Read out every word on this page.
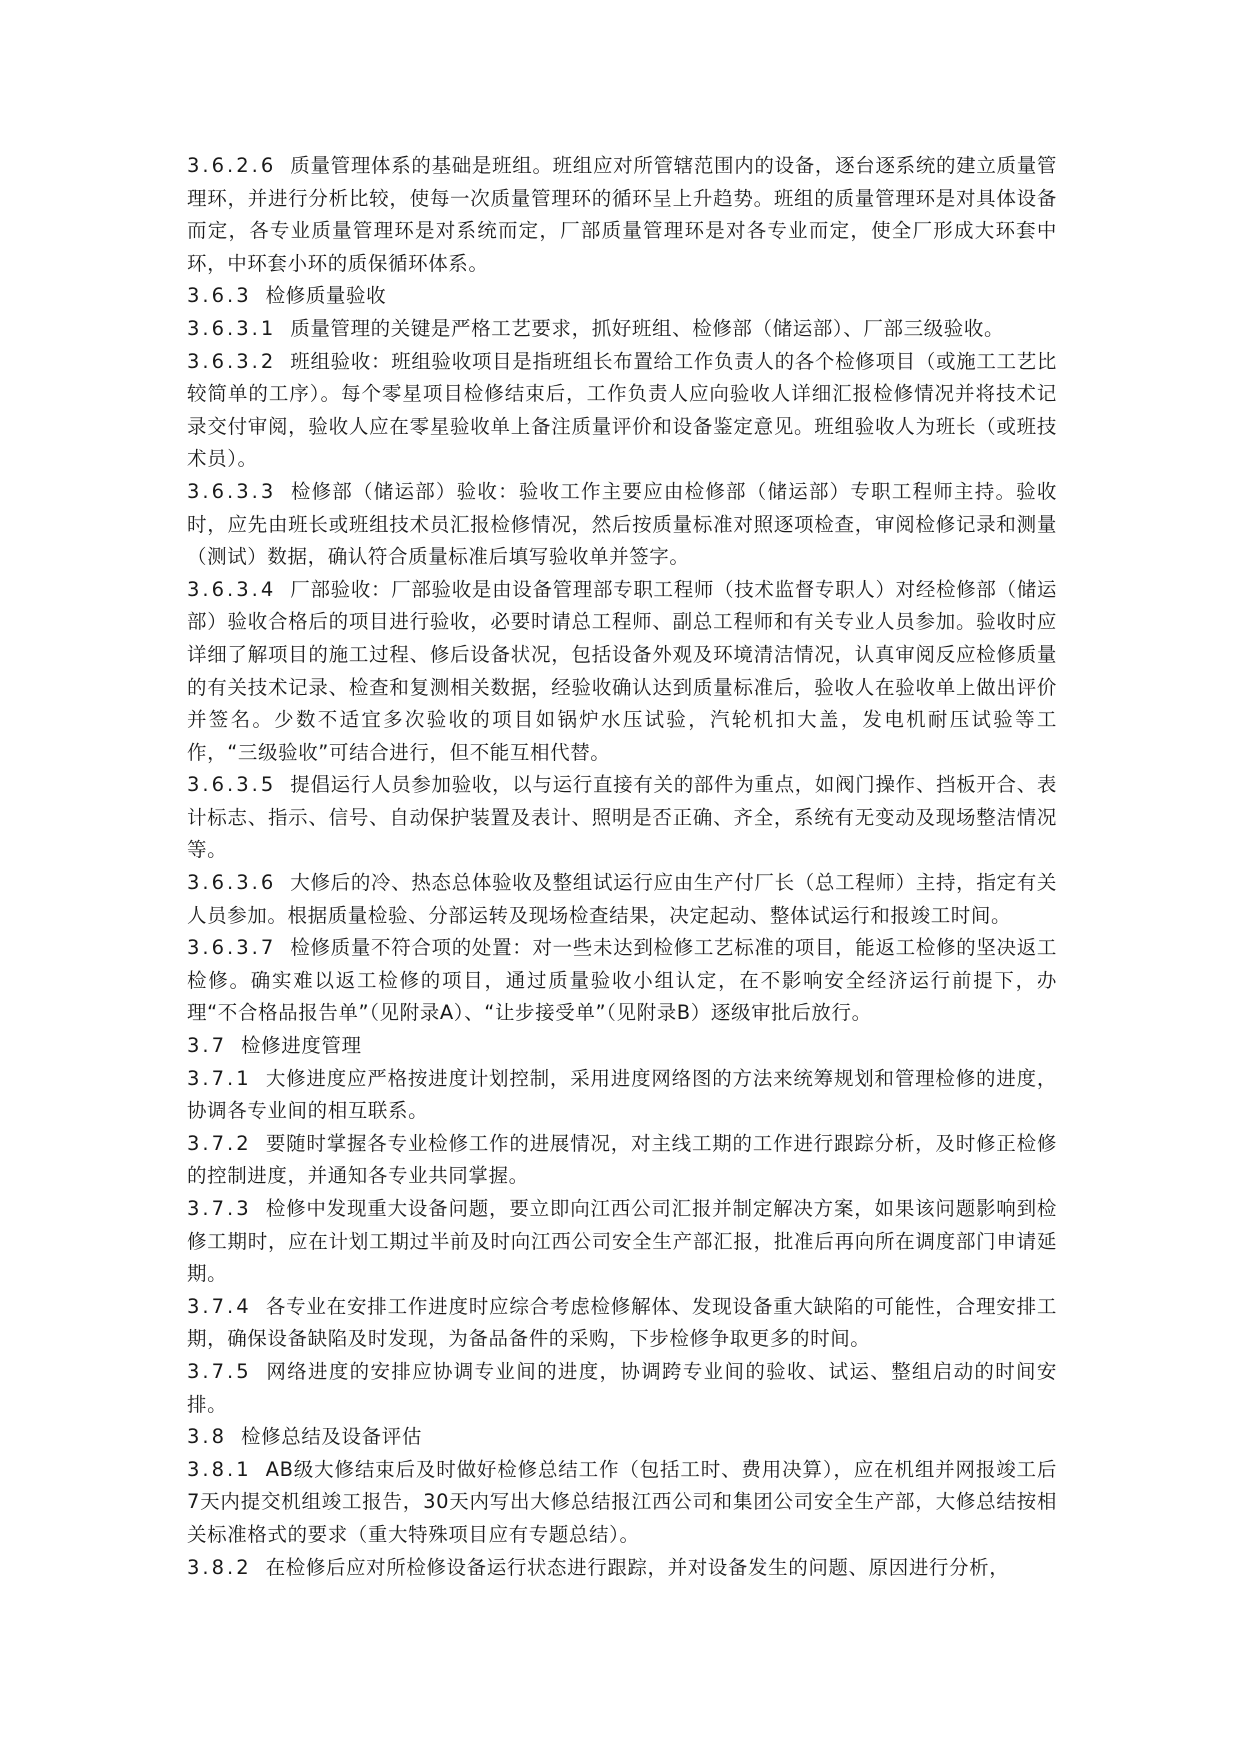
3.6.2.6 质量管理体系的基础是班组。班组应对所管辖范围内的设备，逐台逐系统的建立质量管理环，并进行分析比较，使每一次质量管理环的循环呈上升趋势。班组的质量管理环是对具体设备而定，各专业质量管理环是对系统而定，厂部质量管理环是对各专业而定，使全厂形成大环套中环，中环套小环的质保循环体系。

3.6.3 检修质量验收

3.6.3.1 质量管理的关键是严格工艺要求，抓好班组、检修部（储运部）、厂部三级验收。

3.6.3.2 班组验收：班组验收项目是指班组长布置给工作负责人的各个检修项目（或施工工艺比较简单的工序）。每个零星项目检修结束后，工作负责人应向验收人详细汇报检修情况并将技术记录交付审阅，验收人应在零星验收单上备注质量评价和设备鉴定意见。班组验收人为班长（或班技术员）。

3.6.3.3 检修部（储运部）验收：验收工作主要应由检修部（储运部）专职工程师主持。验收时，应先由班长或班组技术员汇报检修情况，然后按质量标准对照逐项检查，审阅检修记录和测量（测试）数据，确认符合质量标准后填写验收单并签字。

3.6.3.4 厂部验收：厂部验收是由设备管理部专职工程师（技术监督专职人）对经检修部（储运部）验收合格后的项目进行验收，必要时请总工程师、副总工程师和有关专业人员参加。验收时应详细了解项目的施工过程、修后设备状况，包括设备外观及环境清洁情况，认真审阅反应检修质量的有关技术记录、检查和复测相关数据，经验收确认达到质量标准后，验收人在验收单上做出评价并签名。少数不适宜多次验收的项目如锅炉水压试验，汽轮机扣大盖，发电机耐压试验等工作，“三级验收”可结合进行，但不能互相代替。

3.6.3.5 提倡运行人员参加验收，以与运行直接有关的部件为重点，如阀门操作、挡板开合、表计标志、指示、信号、自动保护装置及表计、照明是否正确、齐全，系统有无变动及现场整洁情况等。

3.6.3.6 大修后的冷、热态总体验收及整组试运行应由生产付厂长（总工程师）主持，指定有关人员参加。根据质量检验、分部运转及现场检查结果，决定起动、整体试运行和报竣工时间。

3.6.3.7 检修质量不符合项的处置：对一些未达到检修工艺标准的项目，能返工检修的坚决返工检修。确实难以返工检修的项目，通过质量验收小组认定，在不影响安全经济运行前提下，办理“不合格品报告单”（见附录A）、“让步接受单”（见附录B）逐级审批后放行。

3.7 检修进度管理

3.7.1 大修进度应严格按进度计划控制，采用进度网络图的方法来统筹规划和管理检修的进度，协调各专业间的相互联系。

3.7.2 要随时掌握各专业检修工作的进展情况，对主线工期的工作进行跟踪分析，及时修正检修的控制进度，并通知各专业共同掌握。

3.7.3 检修中发现重大设备问题，要立即向江西公司汇报并制定解决方案，如果该问题影响到检修工期时，应在计划工期过半前及时向江西公司安全生产部汇报，批准后再向所在调度部门申请延期。

3.7.4 各专业在安排工作进度时应综合考虑检修解体、发现设备重大缺陷的可能性，合理安排工期，确保设备缺陷及时发现，为备品备件的采购，下步检修争取更多的时间。

3.7.5 网络进度的安排应协调专业间的进度，协调跨专业间的验收、试运、整组启动的时间安排。

3.8 检修总结及设备评估

3.8.1 AB级大修结束后及时做好检修总结工作（包括工时、费用决算），应在机组并网报竣工后7天内提交机组竣工报告，30天内写出大修总结报江西公司和集团公司安全生产部，大修总结按相关标准格式的要求（重大特殊项目应有专题总结）。

3.8.2 在检修后应对所检修设备运行状态进行跟踪，并对设备发生的问题、原因进行分析，
